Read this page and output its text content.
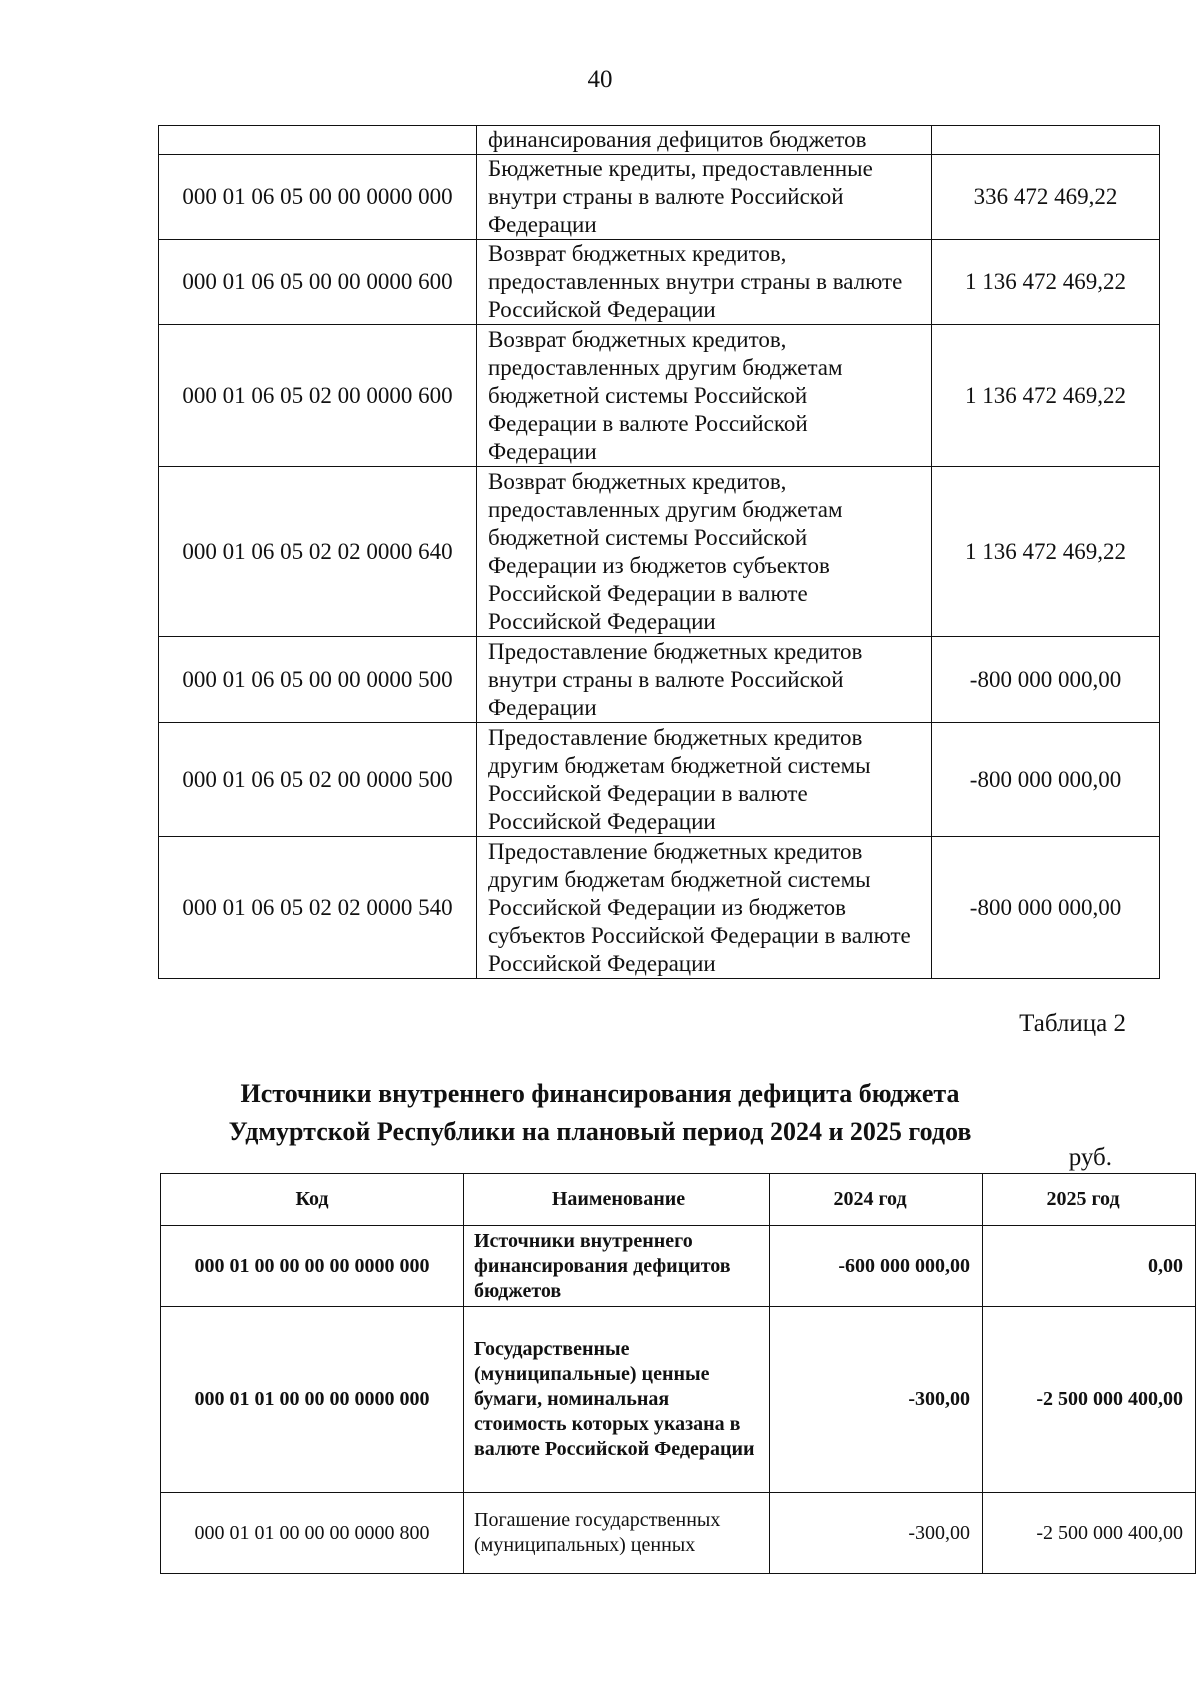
40
	финансирования дефицитов бюджетов	
000 01 06 05 00 00 0000 000	Бюджетные кредиты, предоставленные внутри страны в валюте Российской Федерации	336 472 469,22
000 01 06 05 00 00 0000 600	Возврат бюджетных кредитов, предоставленных внутри страны в валюте Российской Федерации	1 136 472 469,22
000 01 06 05 02 00 0000 600	Возврат бюджетных кредитов, предоставленных другим бюджетам бюджетной системы Российской Федерации в валюте Российской Федерации	1 136 472 469,22
000 01 06 05 02 02 0000 640	Возврат бюджетных кредитов, предоставленных другим бюджетам бюджетной системы Российской Федерации из бюджетов субъектов Российской Федерации в валюте Российской Федерации	1 136 472 469,22
000 01 06 05 00 00 0000 500	Предоставление бюджетных кредитов внутри страны в валюте Российской Федерации	-800 000 000,00
000 01 06 05 02 00 0000 500	Предоставление бюджетных кредитов другим бюджетам бюджетной системы Российской Федерации в валюте Российской Федерации	-800 000 000,00
000 01 06 05 02 02 0000 540	Предоставление бюджетных кредитов другим бюджетам бюджетной системы Российской Федерации из бюджетов субъектов Российской Федерации в валюте Российской Федерации	-800 000 000,00
Таблица 2
Источники внутреннего финансирования дефицита бюджета
Удмуртской Республики на плановый период 2024 и 2025 годов
руб.
Код	Наименование	2024 год	2025 год
000 01 00 00 00 00 0000 000	Источники внутреннего финансирования дефицитов бюджетов	-600 000 000,00	0,00
000 01 01 00 00 00 0000 000	Государственные (муниципальные) ценные бумаги, номинальная стоимость которых указана в валюте Российской Федерации	-300,00	-2 500 000 400,00
000 01 01 00 00 00 0000 800	Погашение государственных (муниципальных) ценных	-300,00	-2 500 000 400,00
